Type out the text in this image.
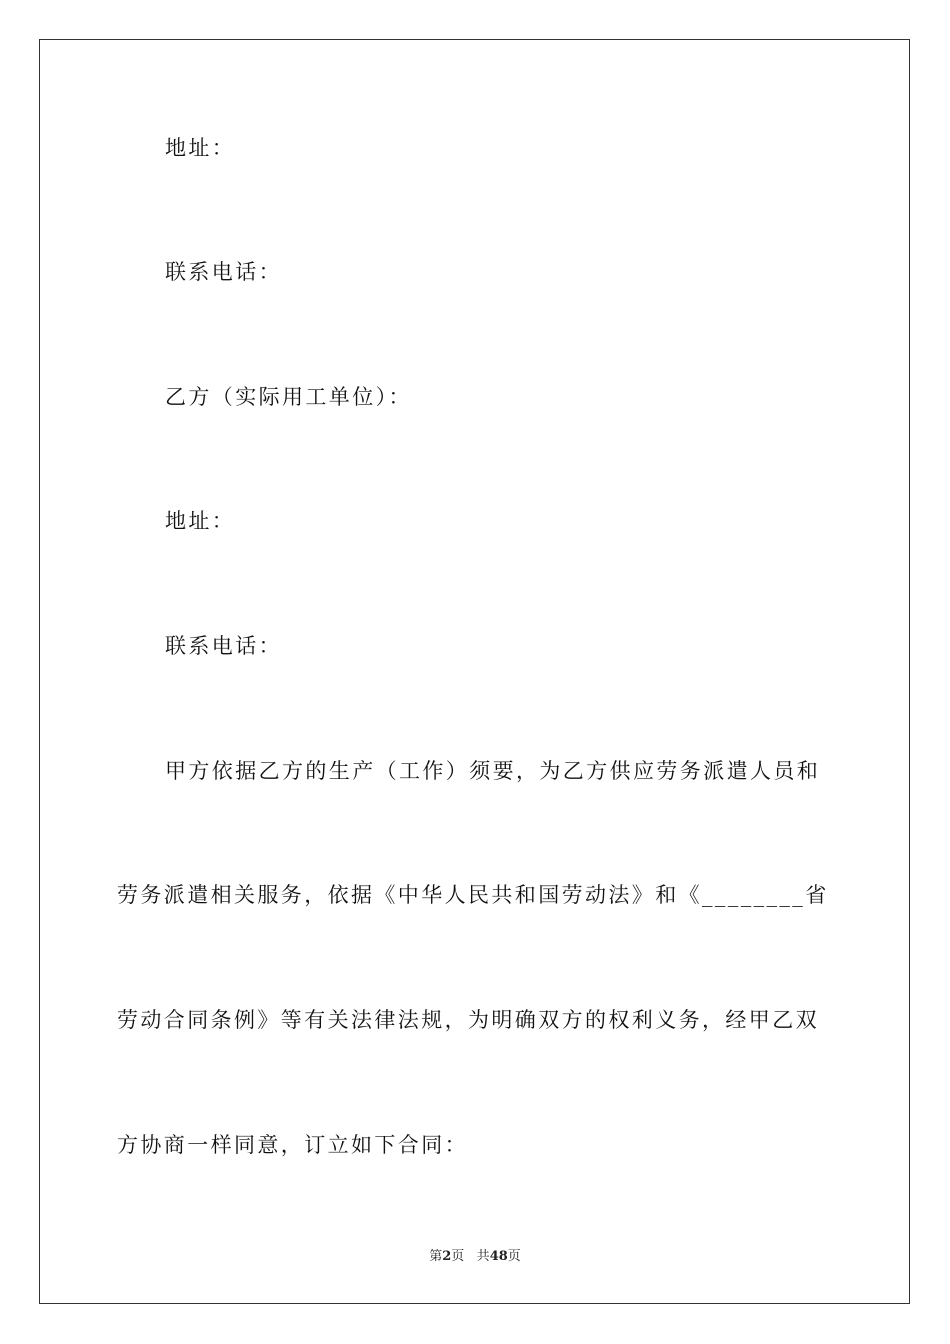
地址：
联系电话：
乙方（实际用工单位）：
地址：
联系电话：
甲方依据乙方的生产（工作）须要，为乙方供应劳务派遣人员和
劳务派遣相关服务，依据《中华人民共和国劳动法》和《________省
劳动合同条例》等有关法律法规，为明确双方的权利义务，经甲乙双
方协商一样同意，订立如下合同：
第2页 共48页
